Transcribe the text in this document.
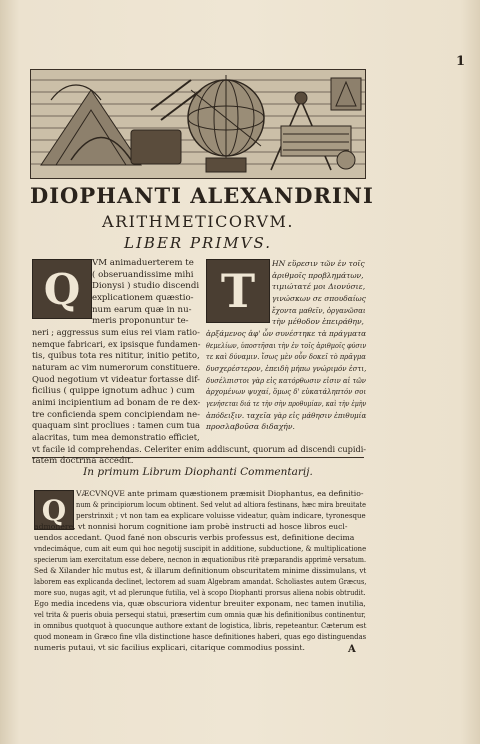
1
DIOPHANTI ALEXANDRINI
ARITHMETICORVM.
LIBER PRIMVS.
Q
VM animaduerterem te
( obseruandissime mihi
Dionysi ) studio discendi
explicationem quæstio-
num earum quæ in nu-
meris proponuntur te-
neri ; aggressus sum eius rei viam ratio-
nemque fabricari, ex ipsisque fundamen-
tis, quibus tota res nititur, initio petito,
naturam ac vim numerorum constituere.
Quod negotium vt videatur fortasse dif-
ficilius ( quippe ignotum adhuc ) cum
animi incipientium ad bonam de re dex-
tre conficienda spem concipiendam ne-
quaquam sint procliues : tamen cum tua
alacritas, tum mea demonstratio efficiet,
vt facile id comprehendas. Celeriter enim addiscunt, quorum ad discendi cupidi-
tatem doctrina accedit.
T
ΗΝ εὕρεσιν τῶν ἐν τοῖς
ἀριθμοῖς προβλημάτων,
τιμιώτατέ μοι Διονύσιε,
γινώσκων σε σπουδαίως
ἔχοντα μαθεῖν, ὀργανῶσαι
τὴν μέθοδον ἐπειράθην,
ἀρξάμενος ἀφ' ὧν συνέστηκε τὰ πράγματα
θεμελίων, ὑποστῆσαι τὴν ἐν τοῖς ἀριθμοῖς φύσιν
τε καὶ δύναμιν. ἴσως μὲν οὖν δοκεῖ τὸ πρᾶγμα
δυσχερέστερον, ἐπειδὴ μήπω γνώριμόν ἐστι,
δυσέλπιστοι γὰρ εἰς κατόρθωσιν εἰσιν αἱ τῶν
ἀρχομένων ψυχαί, ὅμως δ' εὐκατάληπτόν σοι
γενήσεται διά τε τὴν σὴν προθυμίαν, καὶ τὴν ἐμὴν
ἀπόδειξιν. ταχεῖα γὰρ εἰς μάθησιν ἐπιθυμία
προσλαβοῦσα διδαχήν.
In primum Librum Diophanti Commentarij.
Q	VÆCVNQVE ante primam quæstionem præmisit Diophantus, ea definitio-
num & principiorum locum obtinent. Sed velut ad altiora festinans, hæc mira breuitate
perstrinxit ; vt non tam ea explicare voluisse videatur, quàm indicare, tyronesque
admonere, vt nonnisi horum cognitione iam probè instructi ad hosce libros eucl-
uendos accedant. Quod fané non obscuris verbis professus est, definitione decima
vndecimáque, cum ait eum qui hoc negotij suscipit in additione, subductione, & multiplicatione
specierum iam exercitatum esse debere, necnon in æquationibus ritè præparandis apprimè versatum.
Sed & Xilander hîc mutus est, & illarum definitionum obscuritatem minime dissimulans, vt
laborem eas explicanda declinet, lectorem ad suam Algebram amandat. Scholiastes autem Græcus,
more suo, nugas agit, vt ad plerunque futilia, vel à scopo Diophanti prorsus aliena nobis obtrudit.
Ego media incedens via, quæ obscuriora videntur breuiter exponam, nec tamen inutilia,
vel trita & pueris obuia persequi statui, præsertim cum omnia quæ his definitionibus continentur,
in omnibus quotquot à quocunque authore extant de logistica, libris, repeteantur. Cæterum est
quod moneam in Græco fine vlla distinctione hasce definitiones haberi, quas ego distinguendas
numeris putaui, vt sic facilius explicari, citarique commodius possint.	A
